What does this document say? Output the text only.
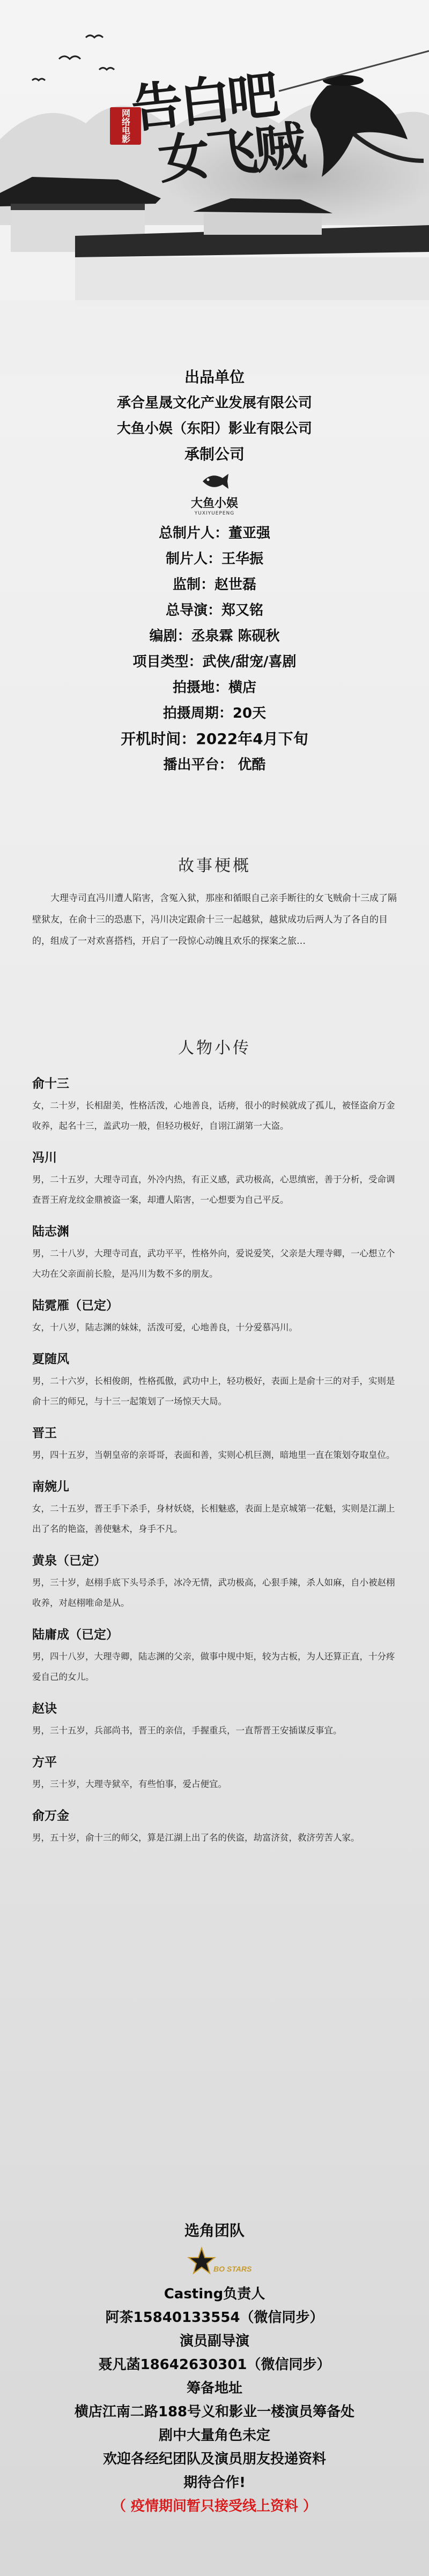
网络电影
告白吧
女飞贼
出品单位
承合星晟文化产业发展有限公司
大鱼小娱（东阳）影业有限公司
承制公司
大鱼小娱
YUXIYUEPENG
总制片人：董亚强
制片人：王华振
监制：赵世磊
总导演：郑又铭
编剧：丞泉霖 陈砚秋
项目类型：武侠/甜宠/喜剧
拍摄地：横店
拍摄周期：20天
开机时间：2022年4月下旬
播出平台： 优酷
故事梗概

大理寺司直冯川遭人陷害，含冤入狱，那座和循眼自己亲手断往的女飞贼俞十三成了隔壁狱友，在俞十三的恐惠下，冯川决定跟俞十三一起越狱，越狱成功后两人为了各自的目的，组成了一对欢喜搭档，开启了一段惊心动魄且欢乐的探案之旅…

人物小传
俞十三

女，二十岁，长相甜美，性格活泼，心地善良，话痨，很小的时候就成了孤儿，被怪盗俞万金收养，起名十三，盖武功一般，但轻功极好，自诩江湖第一大盗。

冯川

男，二十五岁，大理寺司直，外冷内热，有正义感，武功极高，心思缜密，善于分析，受命调查晋王府龙纹金鼎被盗一案，却遭人陷害，一心想要为自己平反。

陆志渊

男，二十八岁，大理寺司直，武功平平，性格外向，爱说爱笑，父亲是大理寺卿，一心想立个大功在父亲面前长脸，是冯川为数不多的朋友。

陆霓雁（已定）

女，十八岁，陆志渊的妹妹，活泼可爱，心地善良，十分爱慕冯川。

夏随风

男，二十六岁，长相俊朗，性格孤傲，武功中上，轻功极好，表面上是俞十三的对手，实则是俞十三的师兄，与十三一起策划了一场惊天大局。

晋王

男，四十五岁，当朝皇帝的亲哥哥，表面和善，实则心机巨测，暗地里一直在策划夺取皇位。

南婉儿

女，二十五岁，晋王手下杀手，身材妖娆，长相魅惑，表面上是京城第一花魁，实则是江湖上出了名的艳盗，善使魅术，身手不凡。

黄泉（已定）

男，三十岁，赵栩手底下头号杀手，冰冷无情，武功极高，心狠手辣，杀人如麻，自小被赵栩收养，对赵栩唯命是从。

陆庸成（已定）

男，四十八岁，大理寺卿，陆志渊的父亲，做事中规中矩，较为古板，为人还算正直，十分疼爱自己的女儿。

赵诀

男，三十五岁，兵部尚书，晋王的亲信，手握重兵，一直帮晋王安插谋反事宜。

方平

男，三十岁，大理寺狱卒，有些怕事，爱占便宜。

俞万金

男，五十岁，俞十三的师父，算是江湖上出了名的侠盗，劫富济贫，救济劳苦人家。

选角团队
BO STARS
Casting负责人
阿茶15840133554（微信同步）
演员副导演
聂凡菡18642630301（微信同步）
筹备地址
横店江南二路188号义和影业一楼演员筹备处
剧中大量角色未定
欢迎各经纪团队及演员朋友投递资料
期待合作!
（ 疫情期间暂只接受线上资料 ）
